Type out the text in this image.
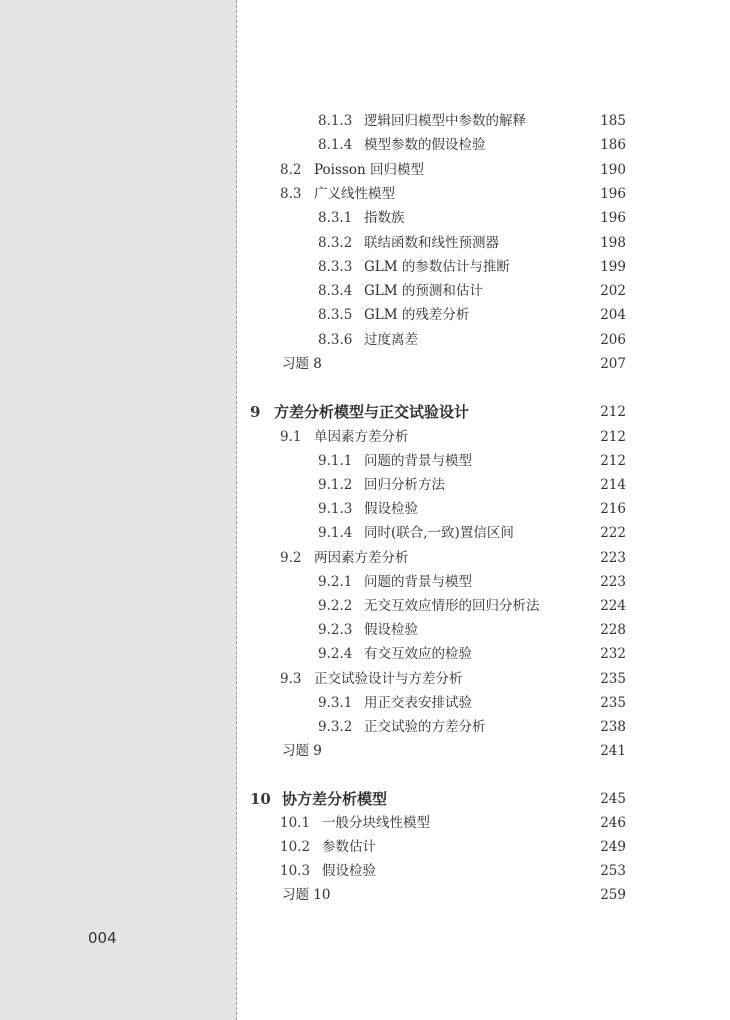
004
8.1.3 逻辑回归模型中参数的解释	185
8.1.4 模型参数的假设检验	186
8.2 Poisson 回归模型	190
8.3 广义线性模型	196
8.3.1 指数族	196
8.3.2 联结函数和线性预测器	198
8.3.3 GLM 的参数估计与推断	199
8.3.4 GLM 的预测和估计	202
8.3.5 GLM 的残差分析	204
8.3.6 过度离差	206
习题 8	207
9 方差分析模型与正交试验设计	212
9.1 单因素方差分析	212
9.1.1 问题的背景与模型	212
9.1.2 回归分析方法	214
9.1.3 假设检验	216
9.1.4 同时(联合,一致)置信区间	222
9.2 两因素方差分析	223
9.2.1 问题的背景与模型	223
9.2.2 无交互效应情形的回归分析法	224
9.2.3 假设检验	228
9.2.4 有交互效应的检验	232
9.3 正交试验设计与方差分析	235
9.3.1 用正交表安排试验	235
9.3.2 正交试验的方差分析	238
习题 9	241
10 协方差分析模型	245
10.1 一般分块线性模型	246
10.2 参数估计	249
10.3 假设检验	253
习题 10	259
